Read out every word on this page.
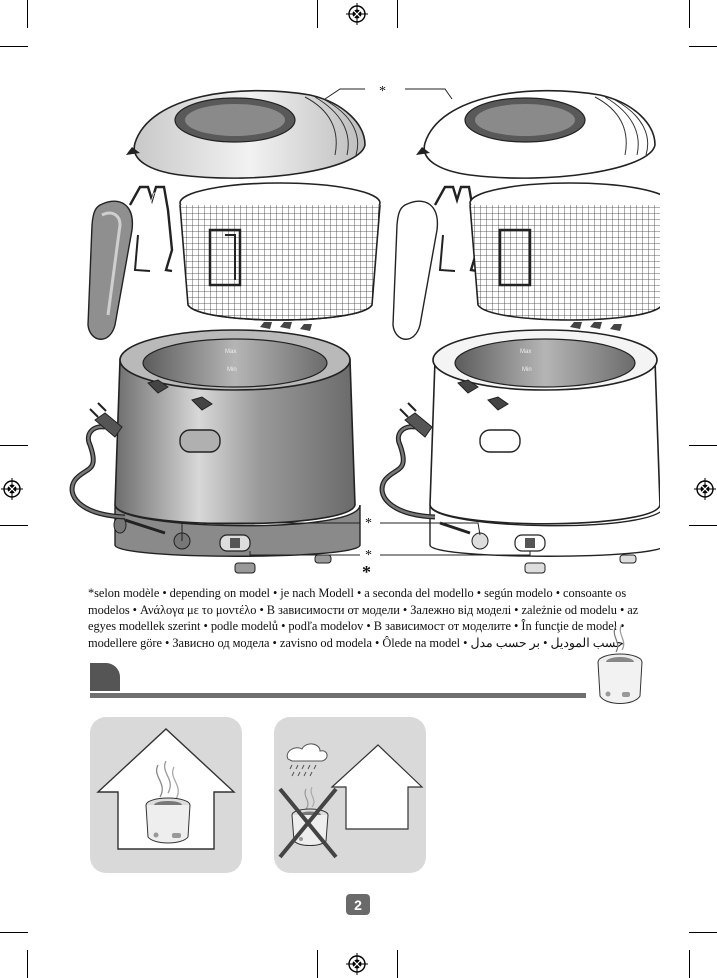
Max
Min
Max
Min
*
*
*
*
*selon modèle • depending on model • je nach Modell • a seconda del modello • según modelo • consoante os modelos • Ανάλογα με το μοντέλο • В зависимости от модели • Залежно від моделі • zależnie od modelu • az egyes modellek szerint • podle modelů • podľa modelov • В зависимост от моделите • În funcţie de model • modellere göre • Зависно од модела • zavisno od modela • Ôlede na model • حسب الموديل • بر حسب مدل
2
